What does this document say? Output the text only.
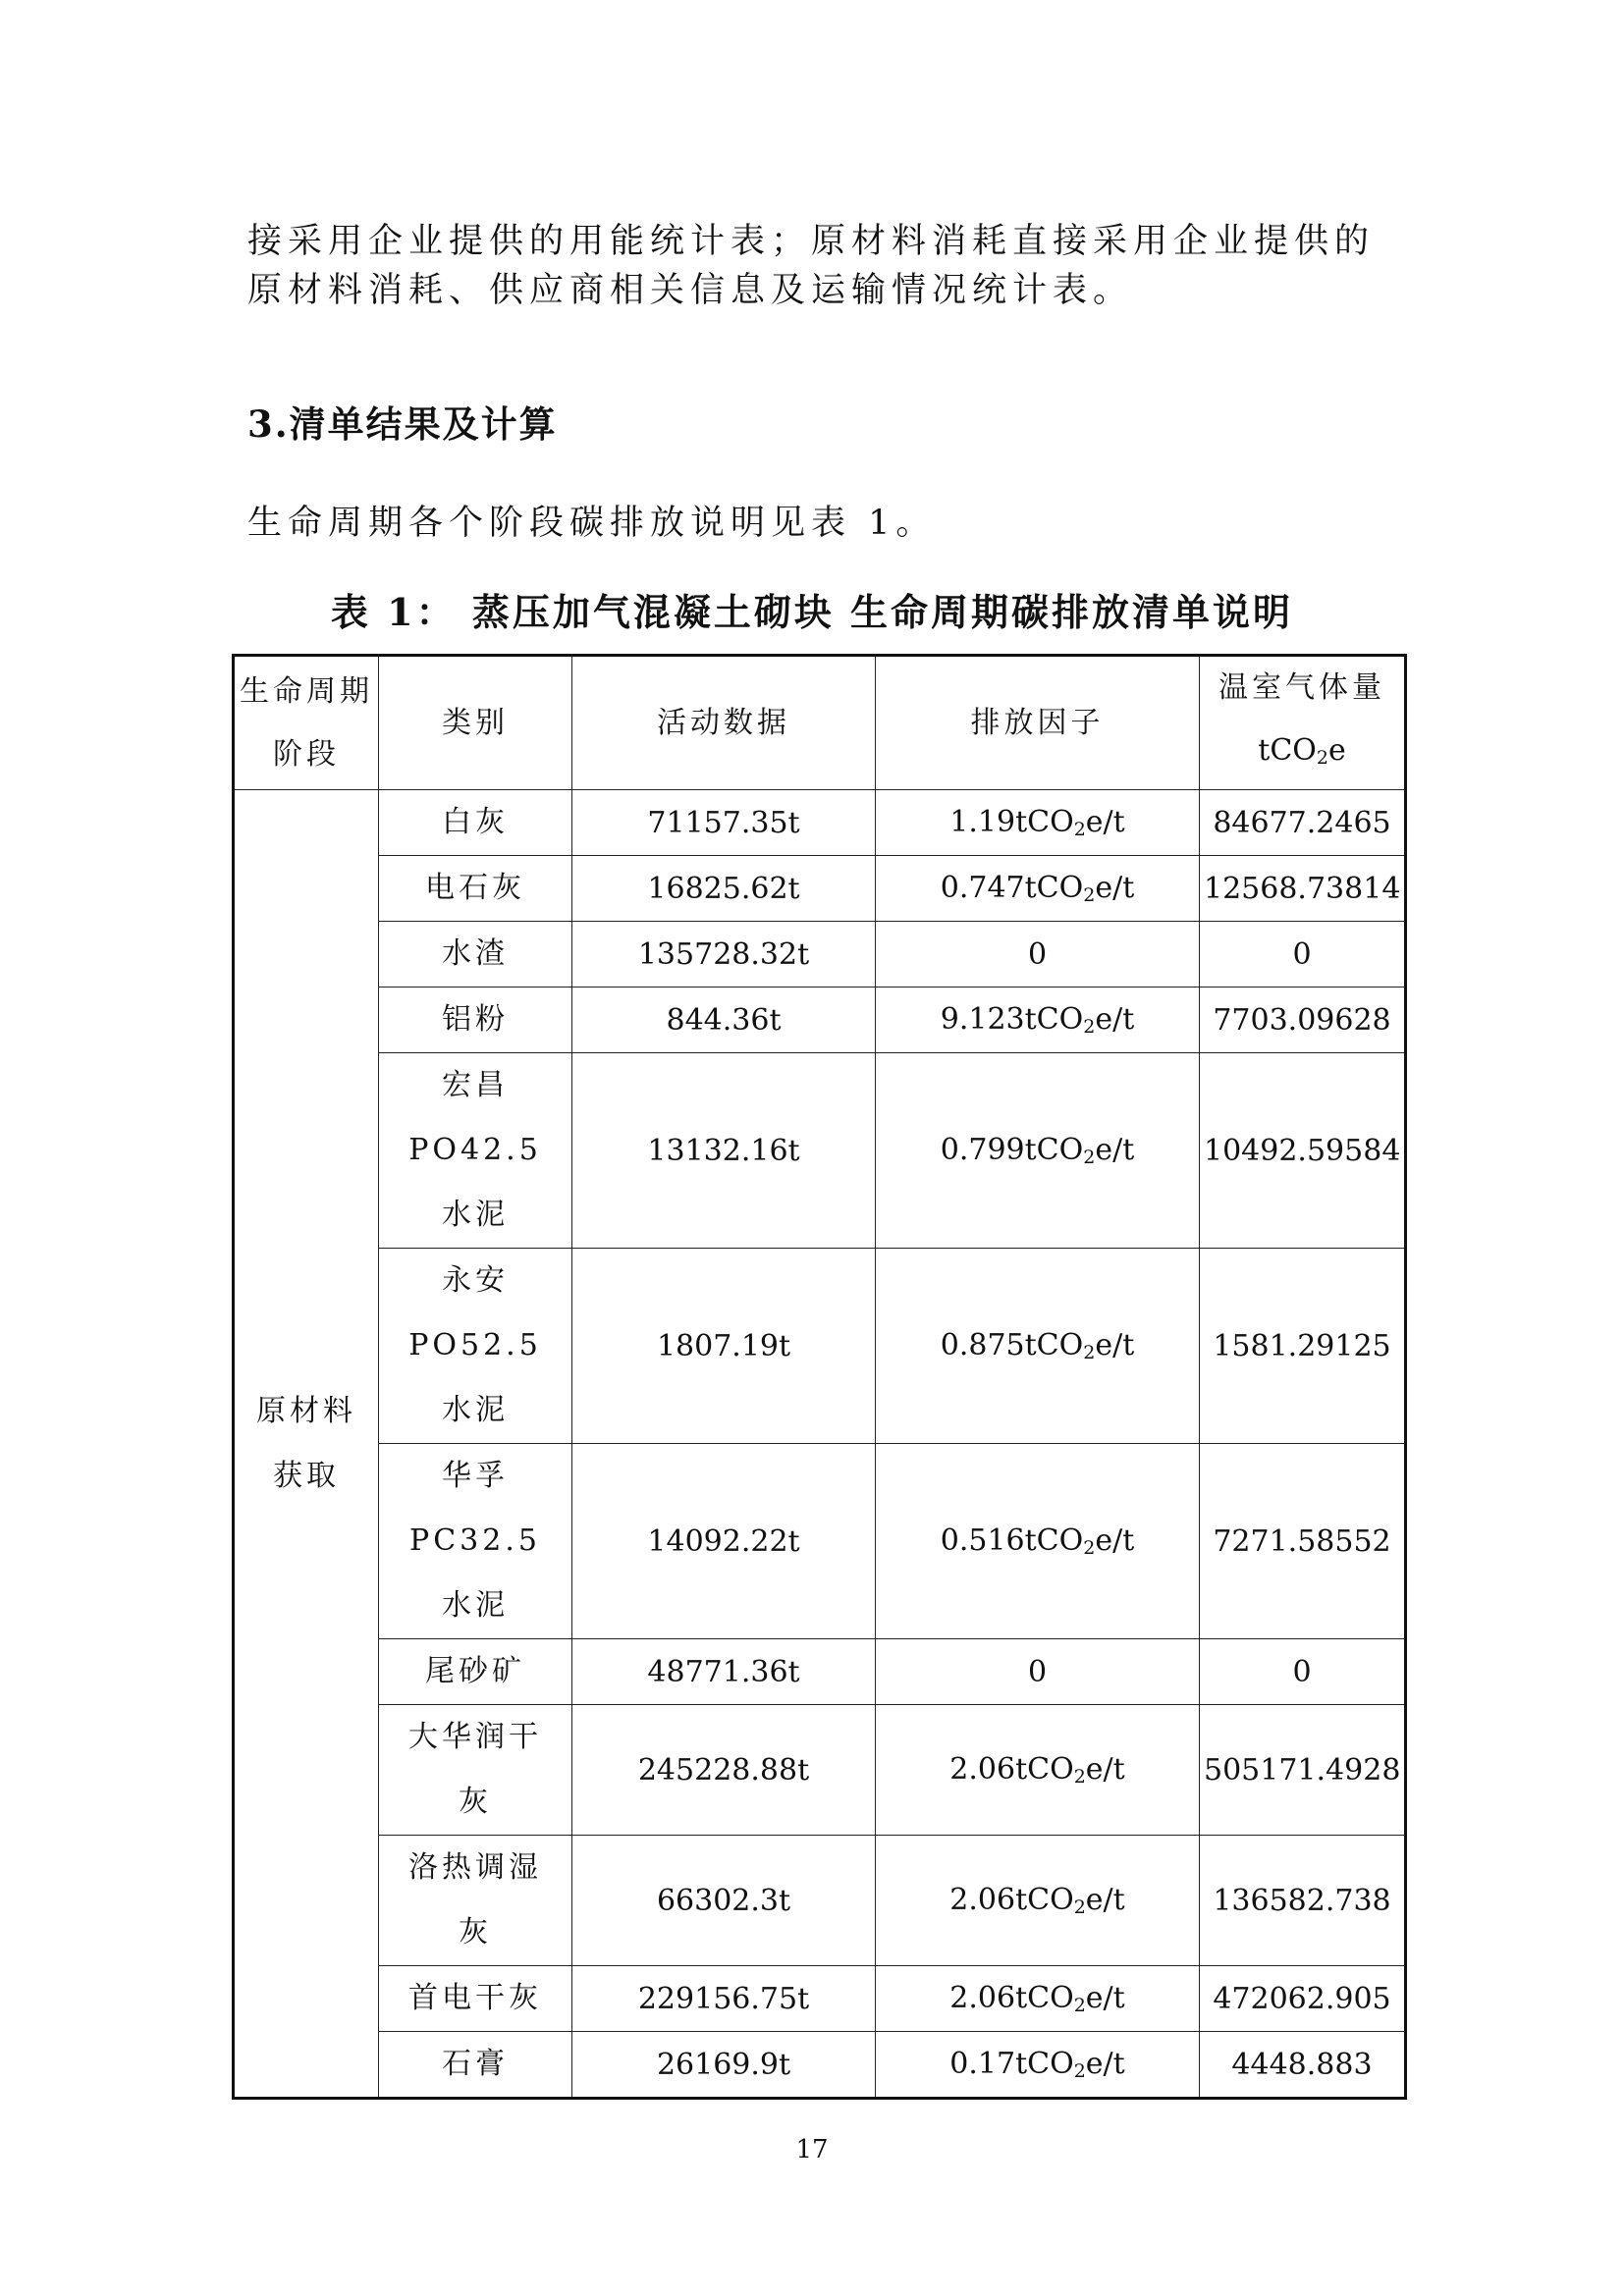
接采用企业提供的用能统计表；原材料消耗直接采用企业提供的原材料消耗、供应商相关信息及运输情况统计表。

3.清单结果及计算

生命周期各个阶段碳排放说明见表 1。

表 1： 蒸压加气混凝土砌块 生命周期碳排放清单说明

生命周期阶段	类别	活动数据	排放因子	温室气体量
tCO$_2$e
原材料获取	白灰	71157.35t	1.19tCO$_2$e/t	84677.2465
	电石灰	16825.62t	0.747tCO$_2$e/t	12568.73814
	水渣	135728.32t	0	0
	铝粉	844.36t	9.123tCO$_2$e/t	7703.09628
	宏昌 PO42.5 水泥	13132.16t	0.799tCO$_2$e/t	10492.59584
	永安 PO52.5 水泥	1807.19t	0.875tCO$_2$e/t	1581.29125
	华孚 PC32.5 水泥	14092.22t	0.516tCO$_2$e/t	7271.58552
	尾砂矿	48771.36t	0	0
	大华润干灰	245228.88t	2.06tCO$_2$e/t	505171.4928
	洛热调湿灰	66302.3t	2.06tCO$_2$e/t	136582.738
	首电干灰	229156.75t	2.06tCO$_2$e/t	472062.905
	石膏	26169.9t	0.17tCO$_2$e/t	4448.883

17
